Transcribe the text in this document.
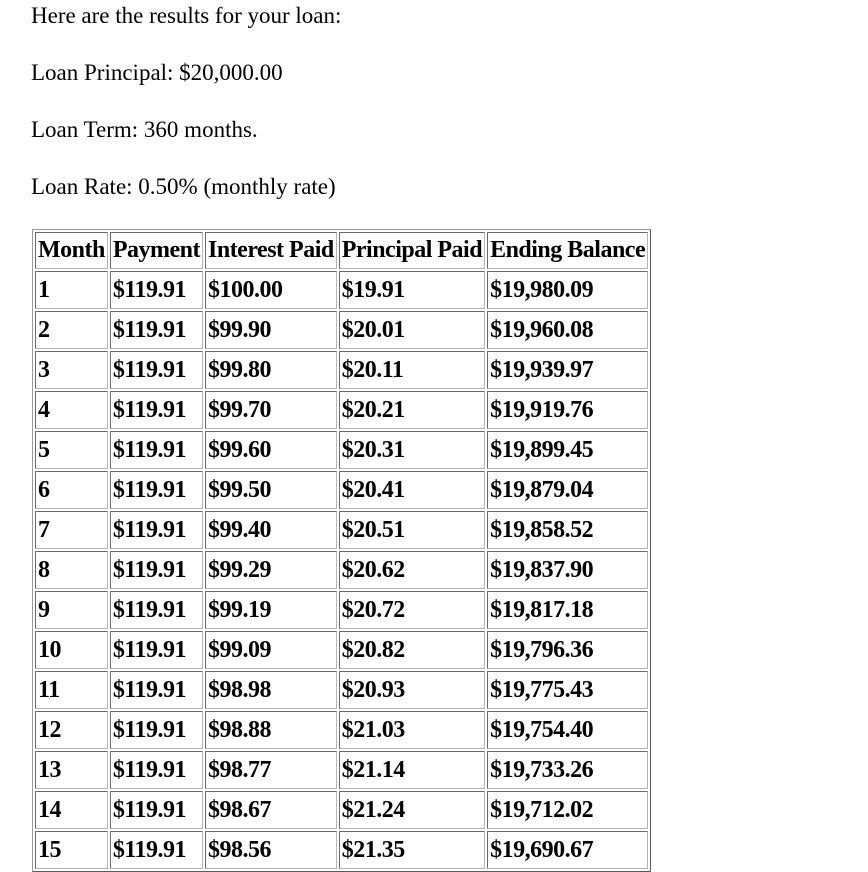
Here are the results for your loan:

Loan Principal: $20,000.00

Loan Term: 360 months.

Loan Rate: 0.50% (monthly rate)

Month	Payment	Interest Paid	Principal Paid	Ending Balance
1	$119.91	$100.00	$19.91	$19,980.09
2	$119.91	$99.90	$20.01	$19,960.08
3	$119.91	$99.80	$20.11	$19,939.97
4	$119.91	$99.70	$20.21	$19,919.76
5	$119.91	$99.60	$20.31	$19,899.45
6	$119.91	$99.50	$20.41	$19,879.04
7	$119.91	$99.40	$20.51	$19,858.52
8	$119.91	$99.29	$20.62	$19,837.90
9	$119.91	$99.19	$20.72	$19,817.18
10	$119.91	$99.09	$20.82	$19,796.36
11	$119.91	$98.98	$20.93	$19,775.43
12	$119.91	$98.88	$21.03	$19,754.40
13	$119.91	$98.77	$21.14	$19,733.26
14	$119.91	$98.67	$21.24	$19,712.02
15	$119.91	$98.56	$21.35	$19,690.67
